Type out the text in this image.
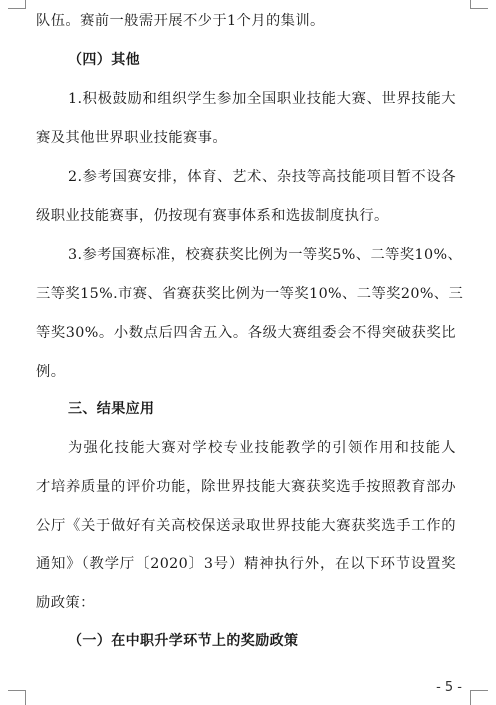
队伍。赛前一般需开展不少于1个月的集训。
（四）其他
1.积极鼓励和组织学生参加全国职业技能大赛、世界技能大
赛及其他世界职业技能赛事。
2.参考国赛安排，体育、艺术、杂技等高技能项目暂不设各
级职业技能赛事，仍按现有赛事体系和选拔制度执行。
3.参考国赛标准，校赛获奖比例为一等奖5%、二等奖10%、
三等奖15%.市赛、省赛获奖比例为一等奖10%、二等奖20%、三
等奖30%。小数点后四舍五入。各级大赛组委会不得突破获奖比
例。
三、结果应用
为强化技能大赛对学校专业技能教学的引领作用和技能人
才培养质量的评价功能，除世界技能大赛获奖选手按照教育部办
公厅《关于做好有关高校保送录取世界技能大赛获奖选手工作的
通知》（教学厅〔2020〕3号）精神执行外，在以下环节设置奖
励政策：
（一）在中职升学环节上的奖励政策
- 5 -
